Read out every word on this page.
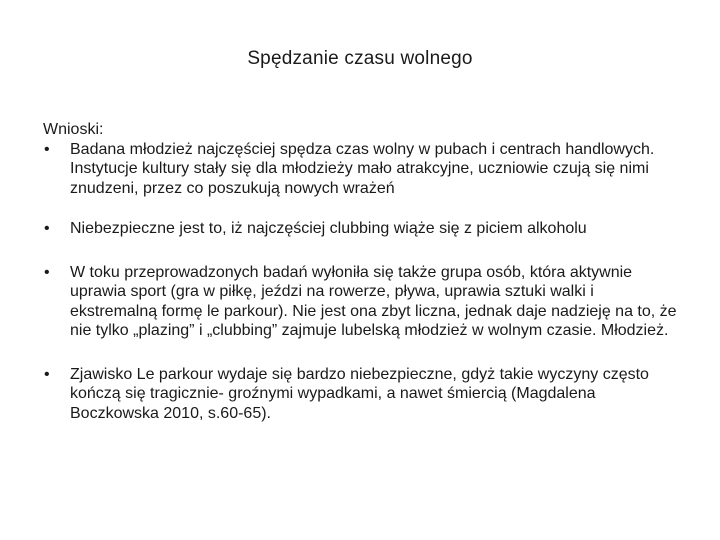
Spędzanie czasu wolnego
Wnioski:
• Badana młodzież najczęściej spędza czas wolny w pubach i centrach handlowych. Instytucje kultury stały się dla młodzieży mało atrakcyjne, uczniowie czują się nimi znudzeni, przez co poszukują nowych wrażeń
• Niebezpieczne jest to, iż najczęściej clubbing wiąże się z piciem alkoholu
• W toku przeprowadzonych badań wyłoniła się także grupa osób, która aktywnie uprawia sport (gra w piłkę, jeździ na rowerze, pływa, uprawia sztuki walki i ekstremalną formę le parkour). Nie jest ona zbyt liczna, jednak daje nadzieję na to, że nie tylko „plazing” i „clubbing” zajmuje lubelską młodzież w wolnym czasie. Młodzież.
• Zjawisko Le parkour wydaje się bardzo niebezpieczne, gdyż takie wyczyny często kończą się tragicznie- groźnymi wypadkami, a nawet śmiercią (Magdalena Boczkowska 2010, s.60-65).
